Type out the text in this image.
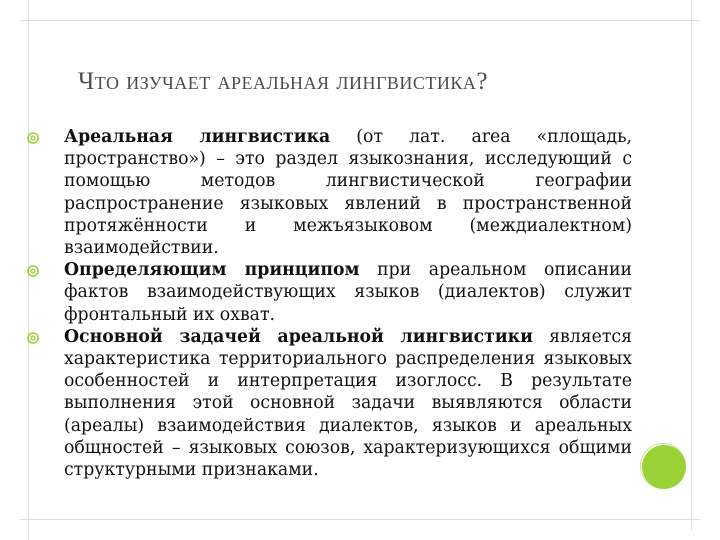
Что изучает ареальная лингвистика?
Ареальная лингвистика (от лат. area «площадь, пространство») – это раздел языкознания, исследующий с помощью методов лингвистической географии распространение языковых явлений в пространственной протяжённости и межъязыковом (междиалектном) взаимодействии.
Определяющим принципом при ареальном описании фактов взаимодействующих языков (диалектов) служит фронтальный их охват.
Основной задачей ареальной лингвистики является характеристика территориального распределения языковых особенностей и интерпретация изоглосс. В результате выполнения этой основной задачи выявляются области (ареалы) взаимодействия диалектов, языков и ареальных общностей – языковых союзов, характеризующихся общими структурными признаками.
